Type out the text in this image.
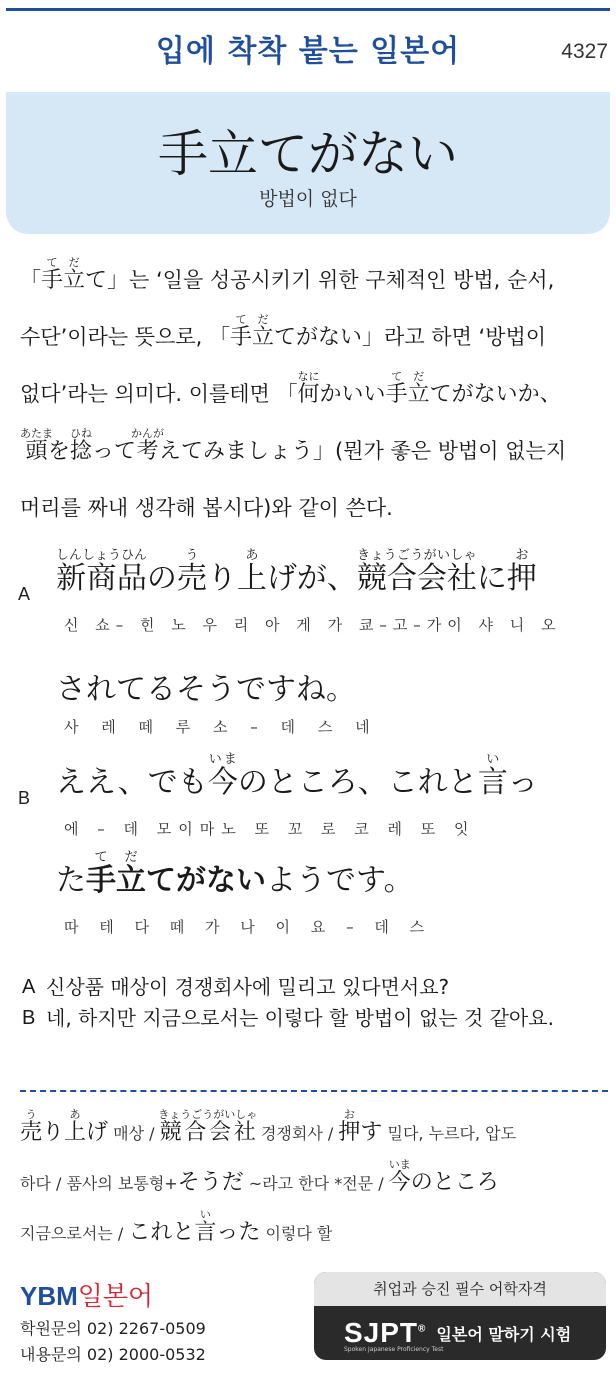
입에 착착 붙는 일본어	4327
手立てがない
방법이 없다

「手て立だて」는 ‘일을 성공시키기 위한 구체적인 방법, 순서,

수단’이라는 뜻으로, 「手て立だてがない」라고 하면 ‘방법이

없다’라는 의미다. 이를테면 「何なにかいい手て立だてがないか、

頭あたまを捻ひねって考かんがえてみましょう」(뭔가 좋은 방법이 없는지

머리를 짜내 생각해 봅시다)와 같이 쓴다.

A 新商品しんしょうひんの売うり上あげが、競合会社きょうごうがいしゃに押お
신 쇼– 힌 노 우 리 아 게 가 쿄–고–가이 샤 니 오
されてるそうですね。
사 레 떼 루 소 – 데 스 네
B ええ、でも今いまのところ、これと言いっ
에 – 데 모이마노 또 꼬 로 코 레 또 잇
た手て立だてがないようです。
따 테 다 떼 가 나 이 요 – 데 스
A 신상품 매상이 경쟁회사에 밀리고 있다면서요?
B 네, 하지만 지금으로서는 이렇다 할 방법이 없는 것 같아요.
売うり上あげ 매상 / 競合会社きょうごうがいしゃ 경쟁회사 / 押おす 밀다, 누르다, 압도
하다 / 품사의 보통형+そうだ ~라고 한다 *전문 / 今いまのところ
지금으로서는 / これと言いった 이렇다 할
YBM일본어
학원문의 02) 2267-0509
내용문의 02) 2000-0532
취업과 승진 필수 어학자격
SJPT® 일본어 말하기 시험
Spoken Japanese Proficiency Test
